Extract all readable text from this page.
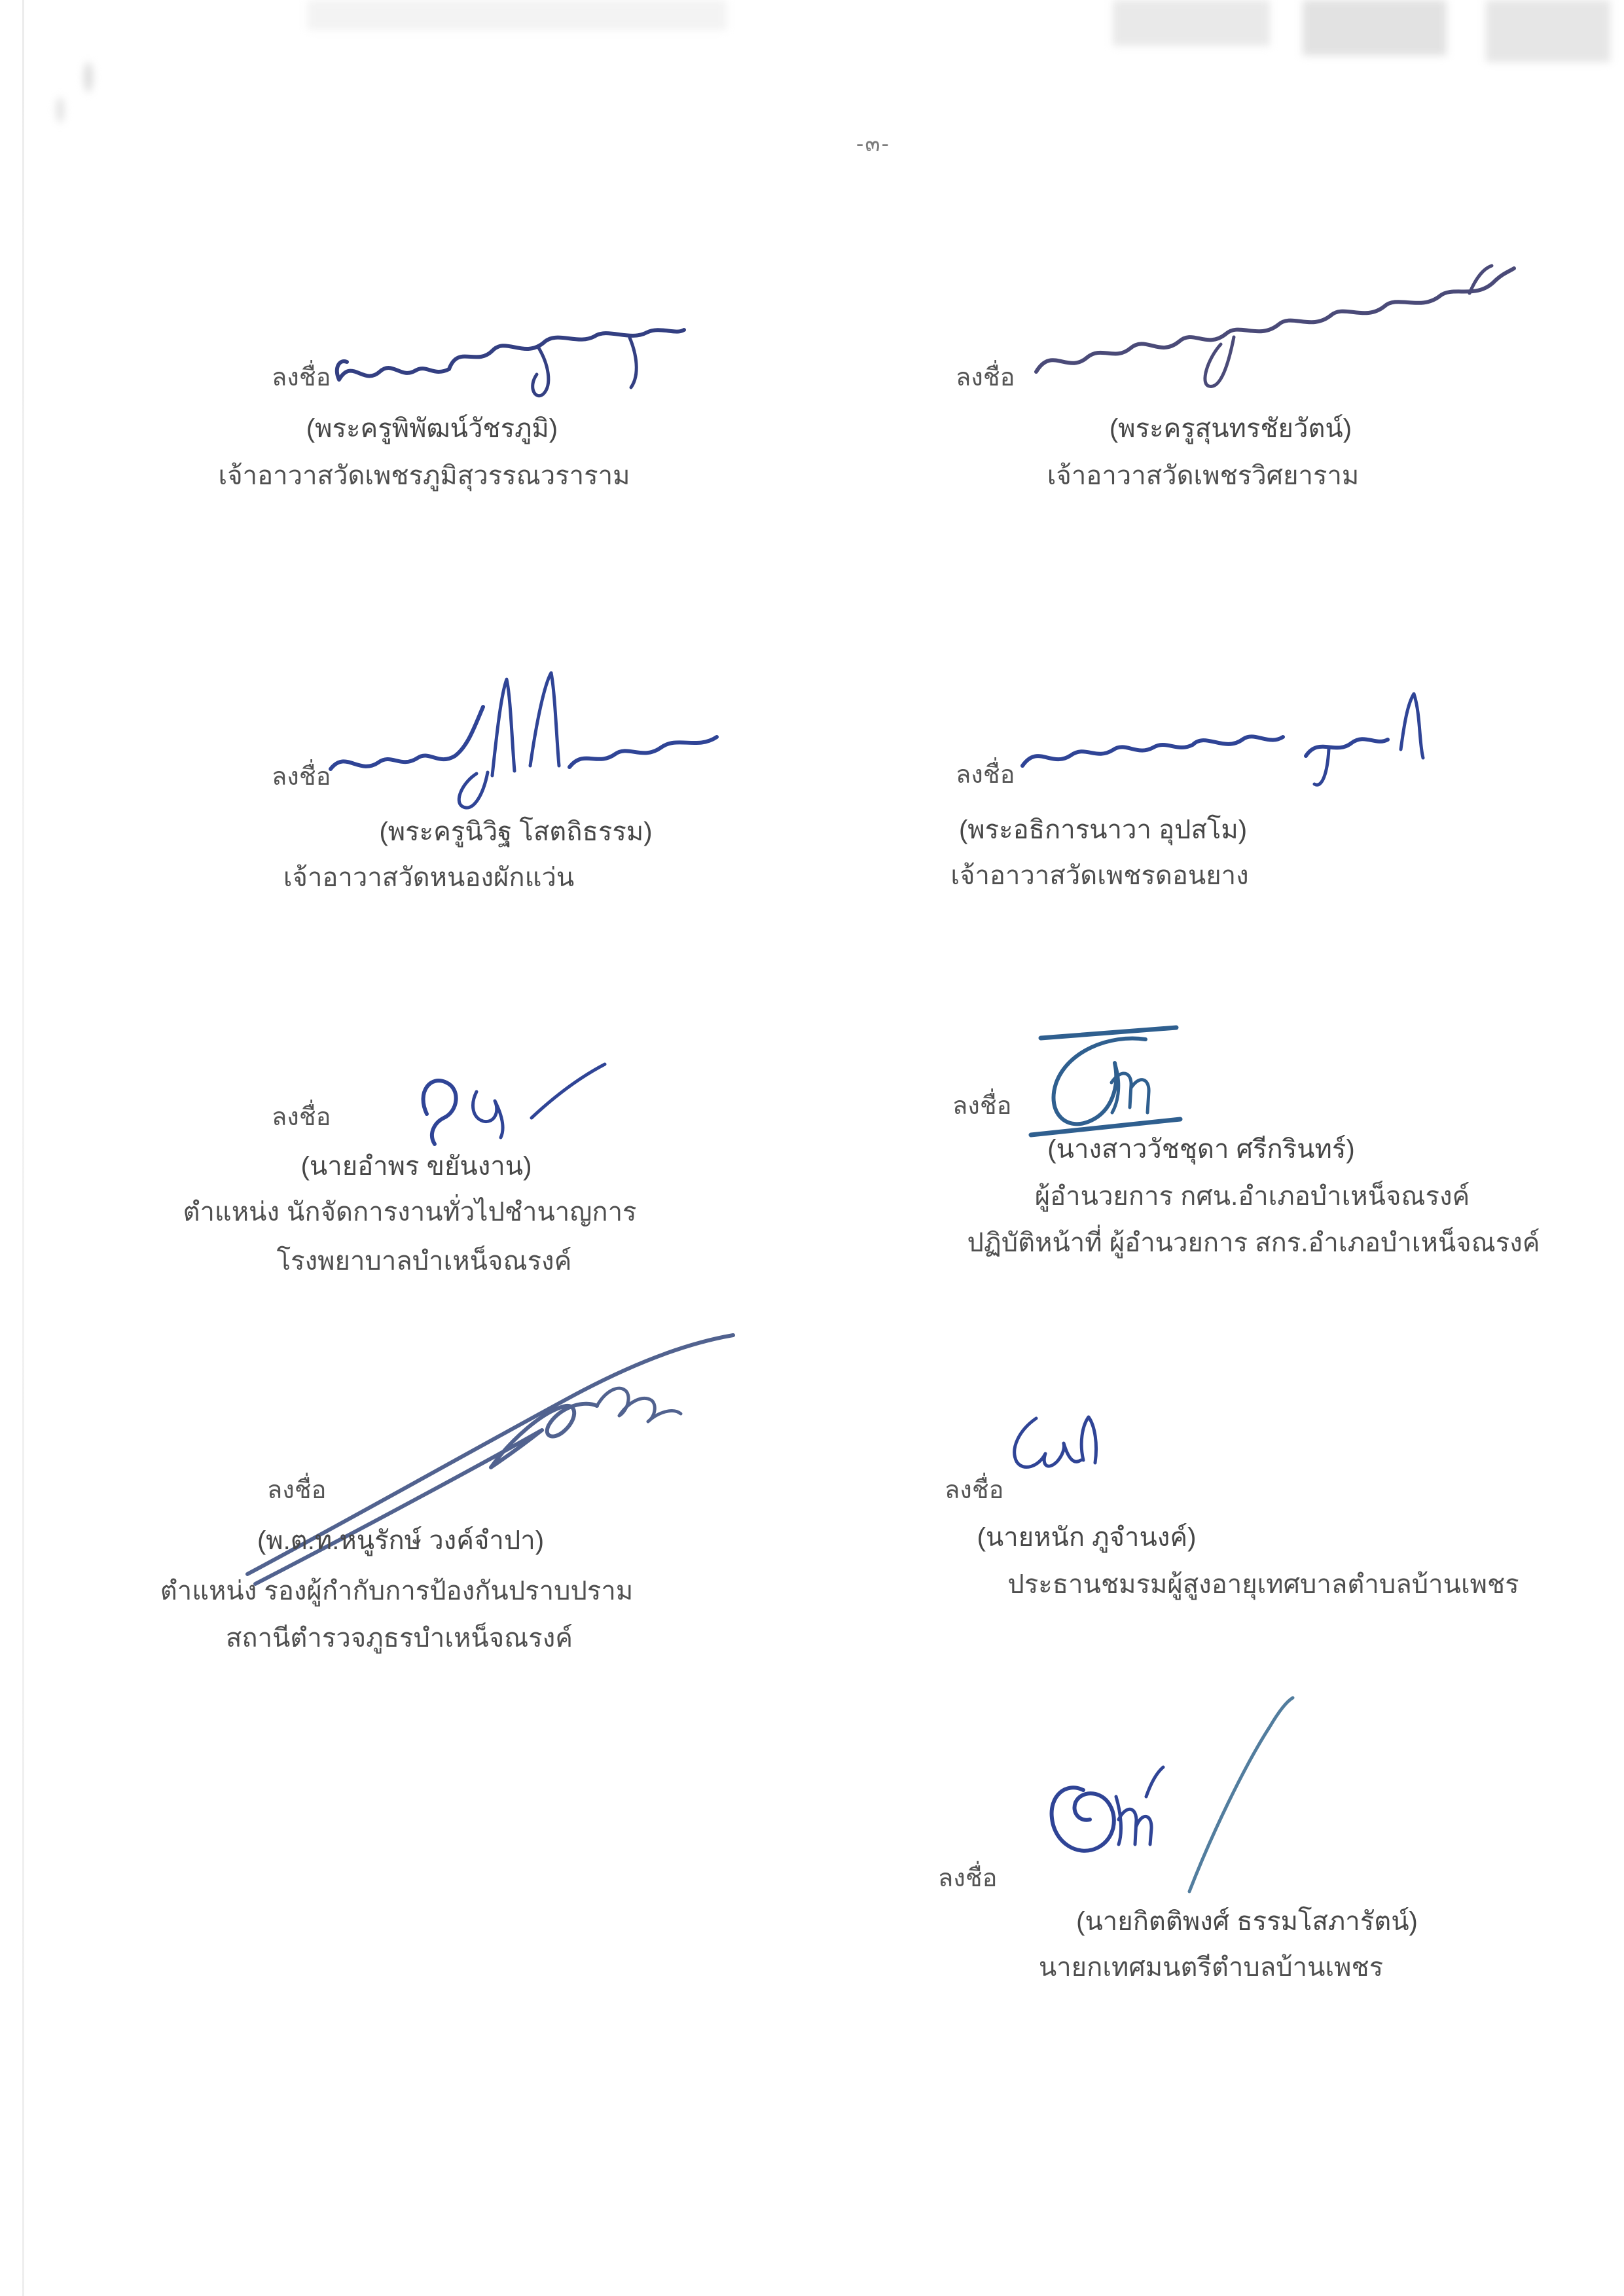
-๓-
ลงชื่อ
(พระครูพิพัฒน์วัชรภูมิ)
เจ้าอาวาสวัดเพชรภูมิสุวรรณวราราม
ลงชื่อ
(พระครูสุนทรชัยวัตน์)
เจ้าอาวาสวัดเพชรวิศยาราม
ลงชื่อ
(พระครูนิวิฐ โสตถิธรรม)
เจ้าอาวาสวัดหนองผักแว่น
ลงชื่อ
(พระอธิการนาวา อุปสโม)
เจ้าอาวาสวัดเพชรดอนยาง
ลงชื่อ
(นายอำพร ขยันงาน)
ตำแหน่ง นักจัดการงานทั่วไปชำนาญการ
โรงพยาบาลบำเหน็จณรงค์
ลงชื่อ
(นางสาววัชชุดา ศรีกรินทร์)
ผู้อำนวยการ กศน.อำเภอบำเหน็จณรงค์
ปฏิบัติหน้าที่ ผู้อำนวยการ สกร.อำเภอบำเหน็จณรงค์
ลงชื่อ
(พ.ต.ท.หนูรักษ์ วงค์จำปา)
ตำแหน่ง รองผู้กำกับการป้องกันปราบปราม
สถานีตำรวจภูธรบำเหน็จณรงค์
ลงชื่อ
(นายหนัก ภูจำนงค์)
ประธานชมรมผู้สูงอายุเทศบาลตำบลบ้านเพชร
ลงชื่อ
(นายกิตติพงศ์ ธรรมโสภารัตน์)
นายกเทศมนตรีตำบลบ้านเพชร
